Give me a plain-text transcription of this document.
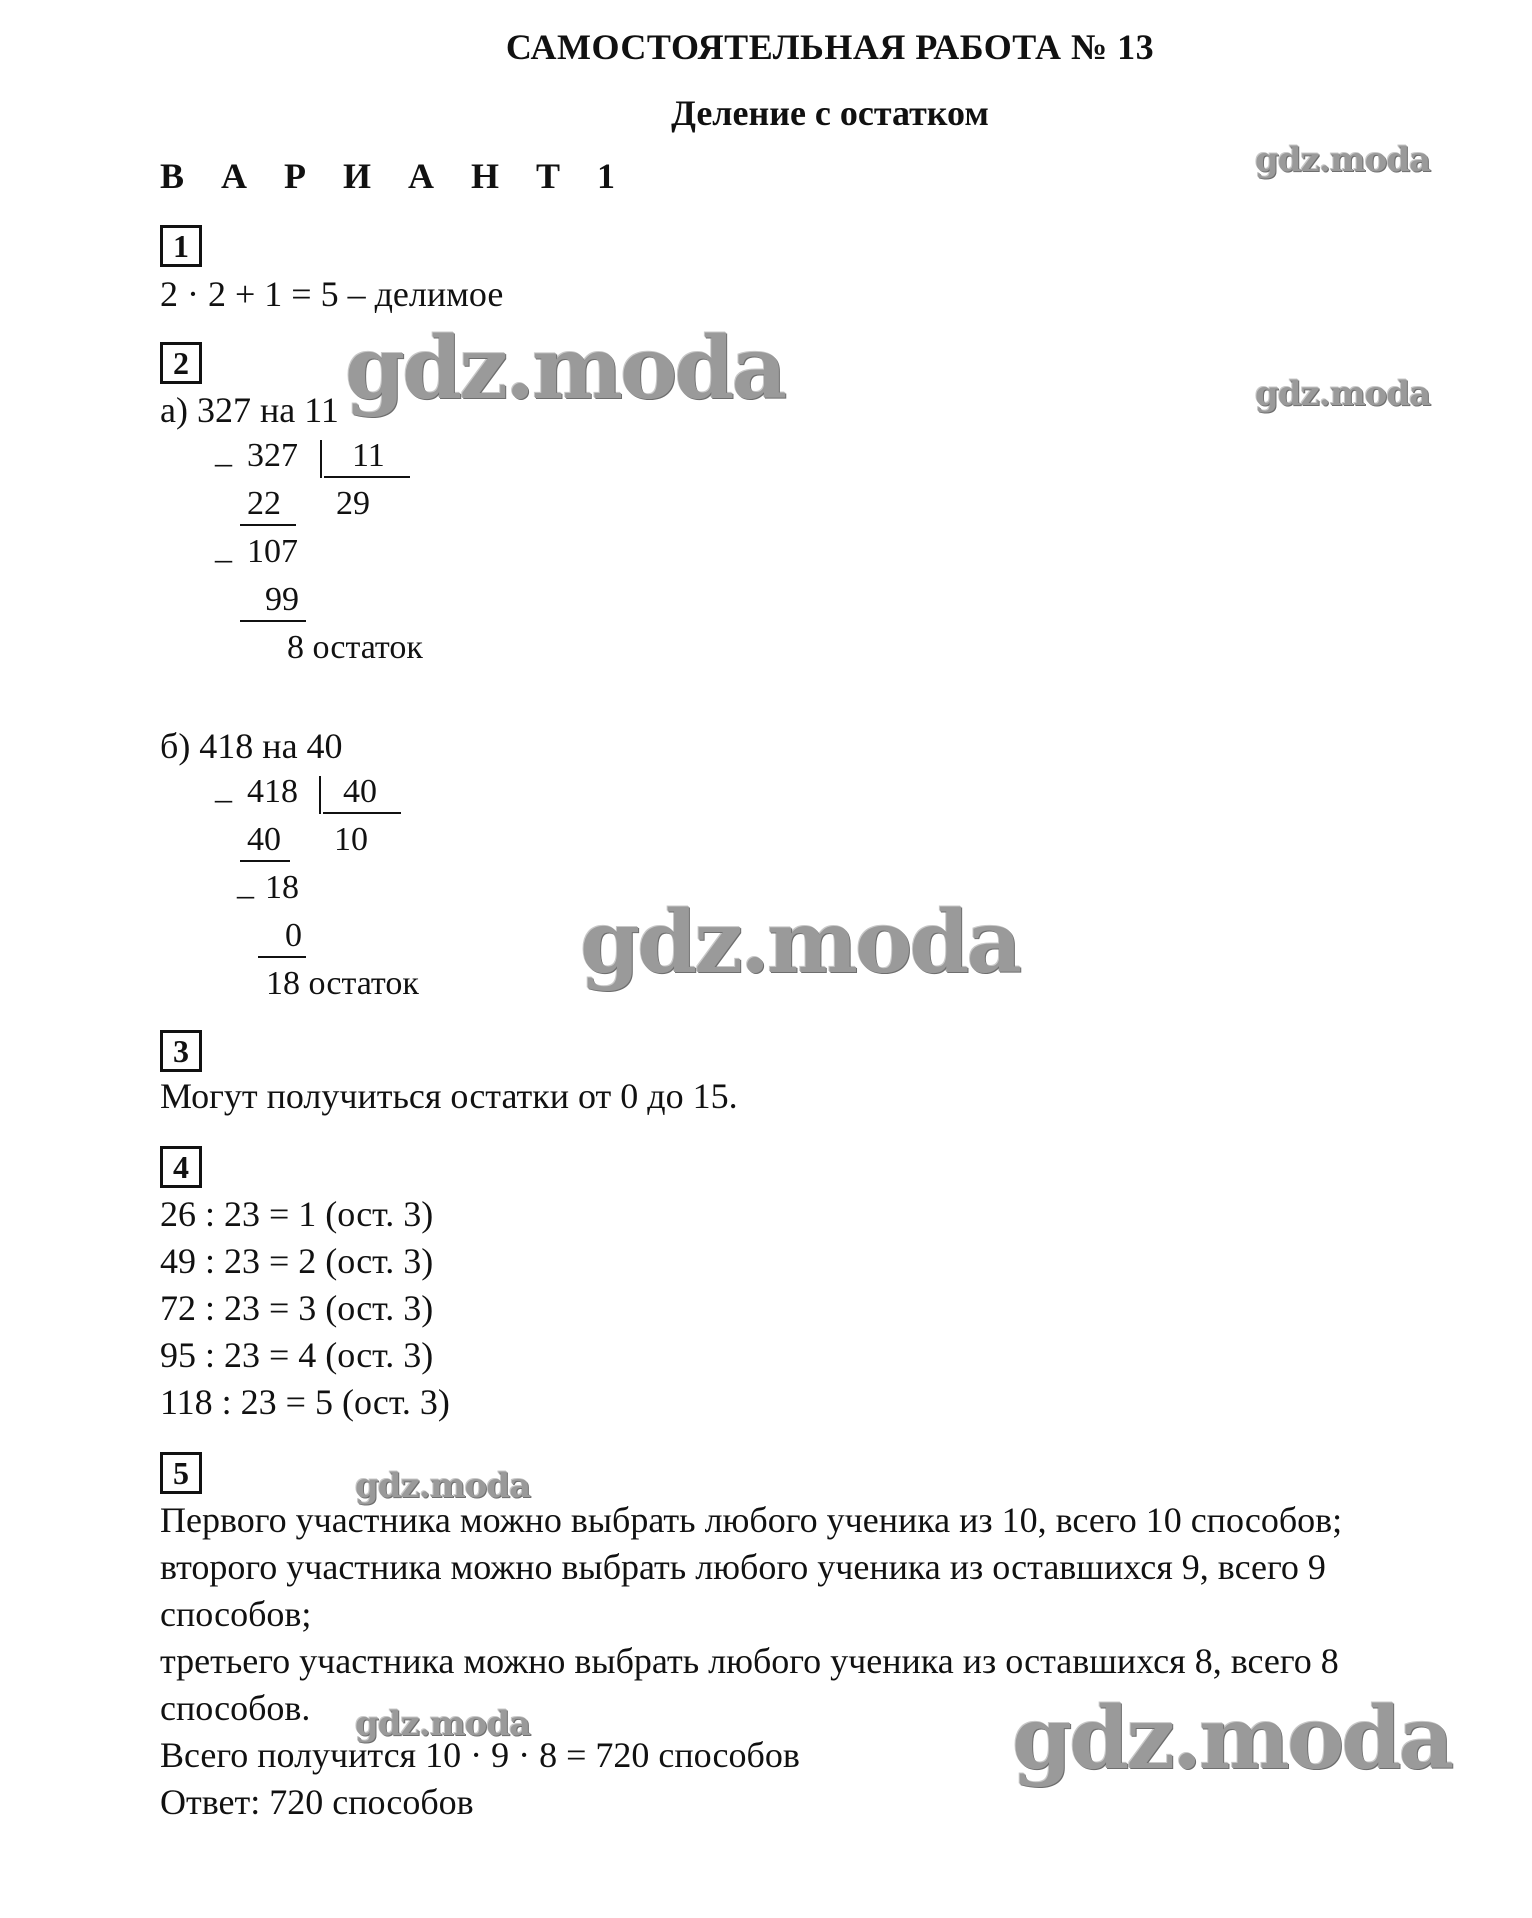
САМОСТОЯТЕЛЬНАЯ РАБОТА № 13
Деление с остатком
В А Р И А Н Т 1
1
2 · 2 + 1 = 5 – делимое
2
а) 327 на 11
_ 327 11
22 29
_ 107
99
8 остаток
б) 418 на 40
_ 418 40
40 10
_ 18
0
18 остаток
3
Могут получиться остатки от 0 до 15.
4
26 : 23 = 1 (ост. 3)
49 : 23 = 2 (ост. 3)
72 : 23 = 3 (ост. 3)
95 : 23 = 4 (ост. 3)
118 : 23 = 5 (ост. 3)
5
Первого участника можно выбрать любого ученика из 10, всего 10 способов;
второго участника можно выбрать любого ученика из оставшихся 9, всего 9
способов;
третьего участника можно выбрать любого ученика из оставшихся 8, всего 8
способов.
Всего получится 10 · 9 · 8 = 720 способов
Ответ: 720 способов
gdz.moda
gdz.moda	gdz.moda
gdz.moda
gdz.moda
gdz.moda	gdz.moda
